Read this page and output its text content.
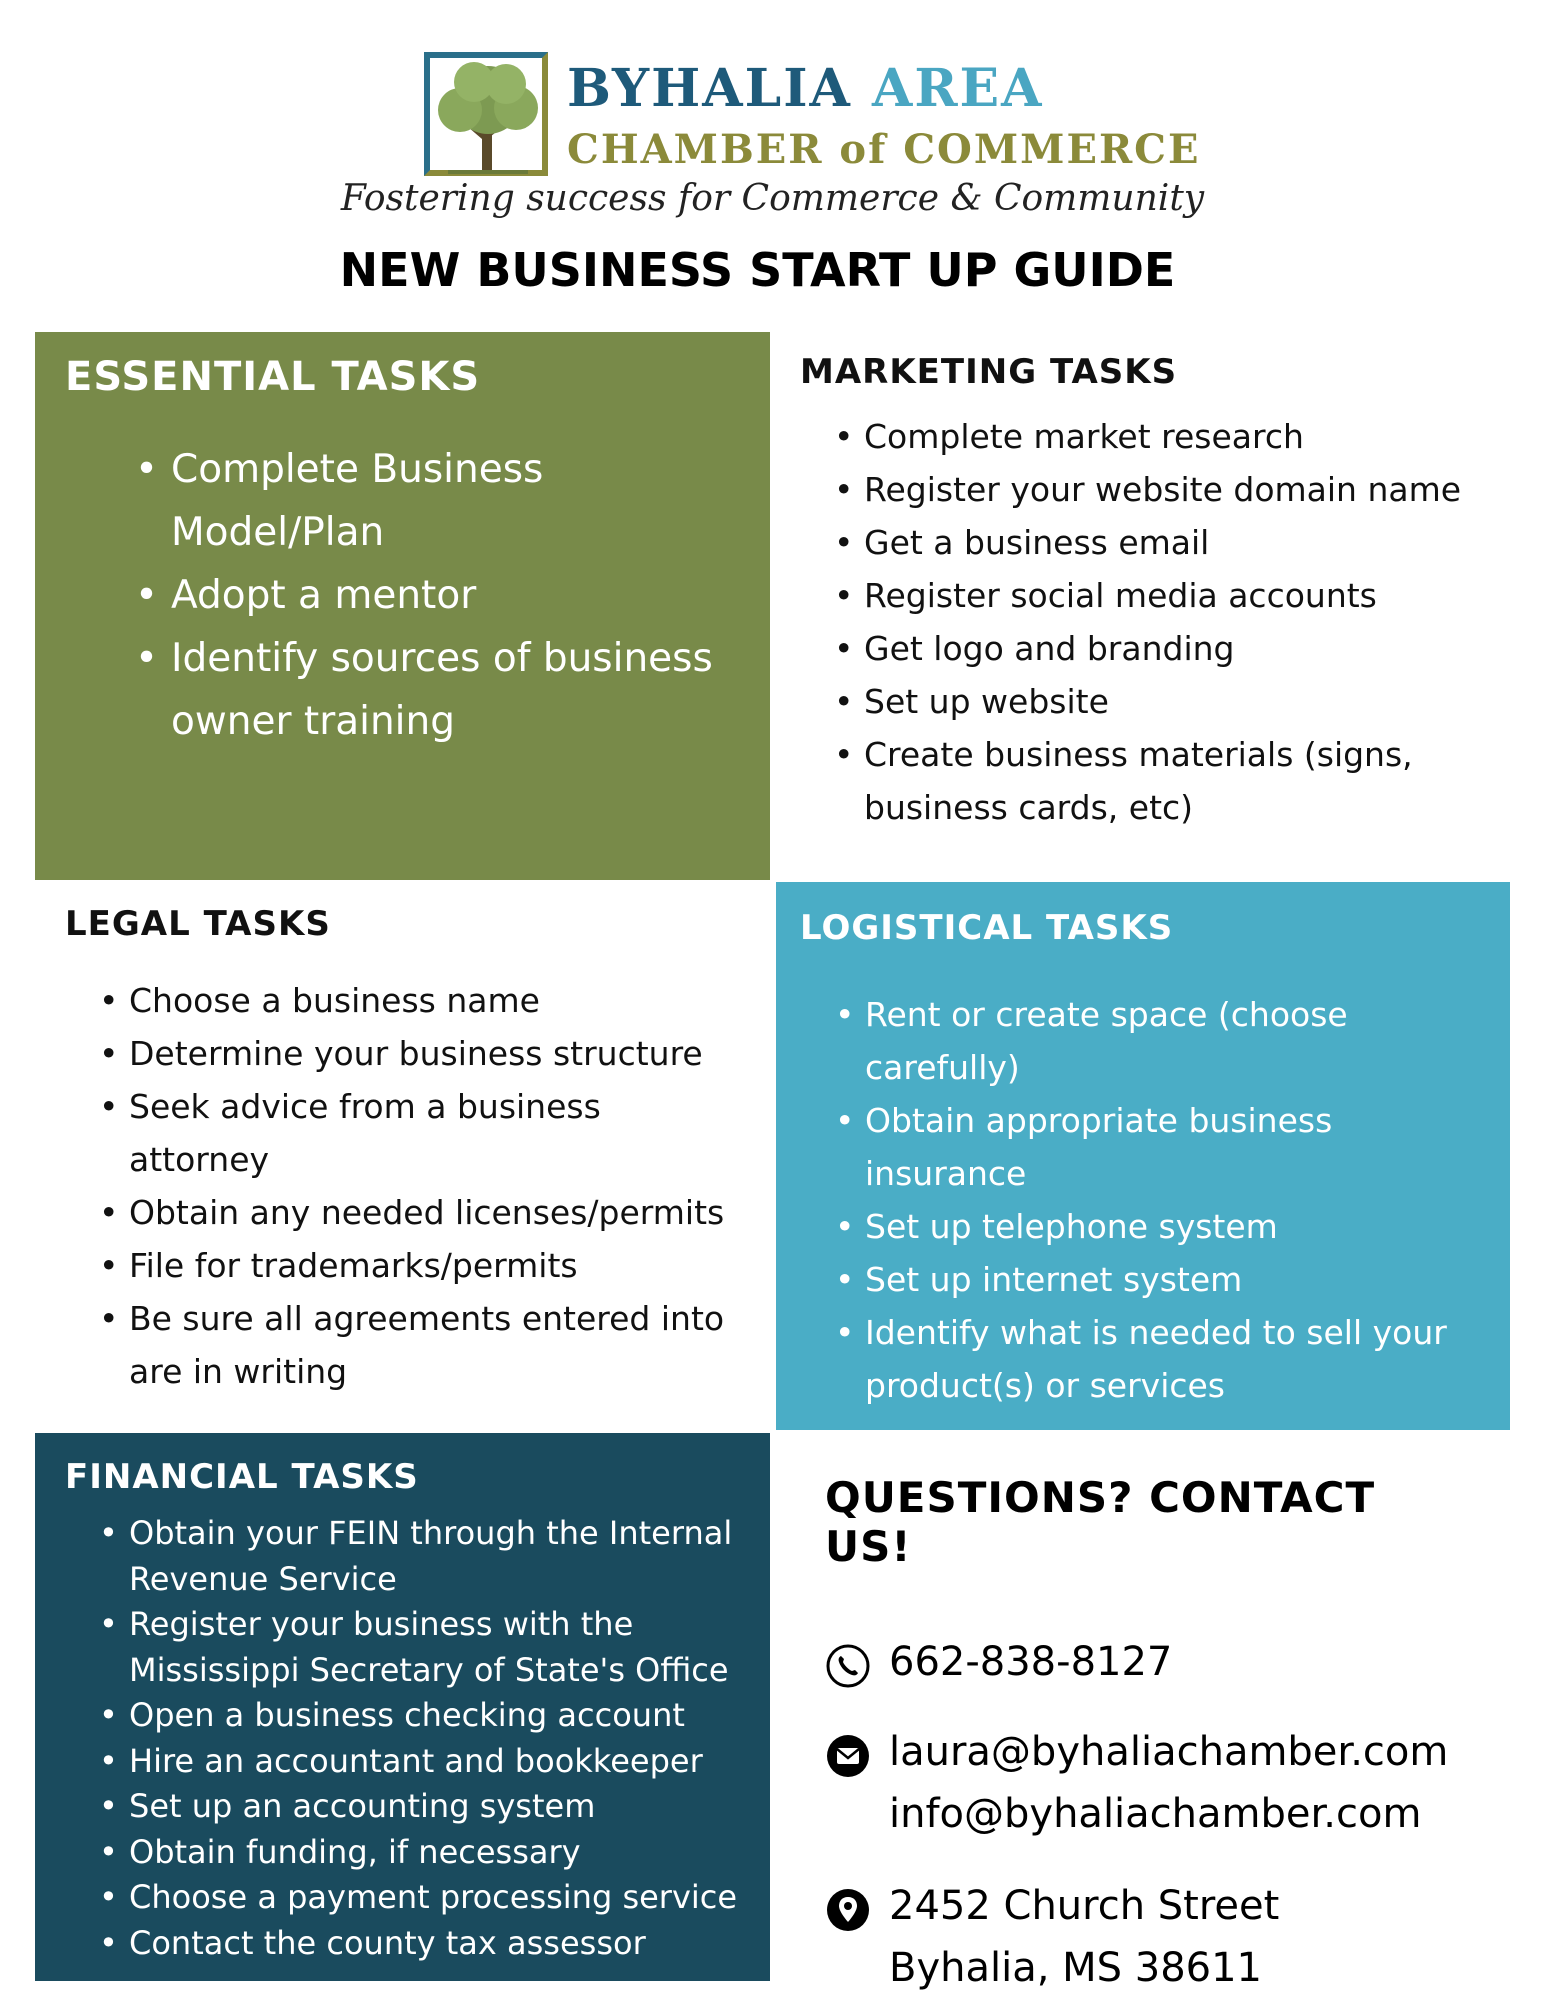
BYHALIA AREA
CHAMBER of COMMERCE
Fostering success for Commerce & Community
NEW BUSINESS START UP GUIDE
ESSENTIAL TASKS
• Complete Business Model/Plan
• Adopt a mentor
• Identify sources of business owner training
MARKETING TASKS
• Complete market research
• Register your website domain name
• Get a business email
• Register social media accounts
• Get logo and branding
• Set up website
• Create business materials (signs, business cards, etc)
LEGAL TASKS
• Choose a business name
• Determine your business structure
• Seek advice from a business attorney
• Obtain any needed licenses/permits
• File for trademarks/permits
• Be sure all agreements entered into are in writing
LOGISTICAL TASKS
• Rent or create space (choose carefully)
• Obtain appropriate business insurance
• Set up telephone system
• Set up internet system
• Identify what is needed to sell your product(s) or services
FINANCIAL TASKS
• Obtain your FEIN through the Internal Revenue Service
• Register your business with the Mississippi Secretary of State's Office
• Open a business checking account
• Hire an accountant and bookkeeper
• Set up an accounting system
• Obtain funding, if necessary
• Choose a payment processing service
• Contact the county tax assessor
QUESTIONS? CONTACT US!
662-838-8127
laura@byhaliachamber.com
info@byhaliachamber.com
2452 Church Street
Byhalia, MS 38611
